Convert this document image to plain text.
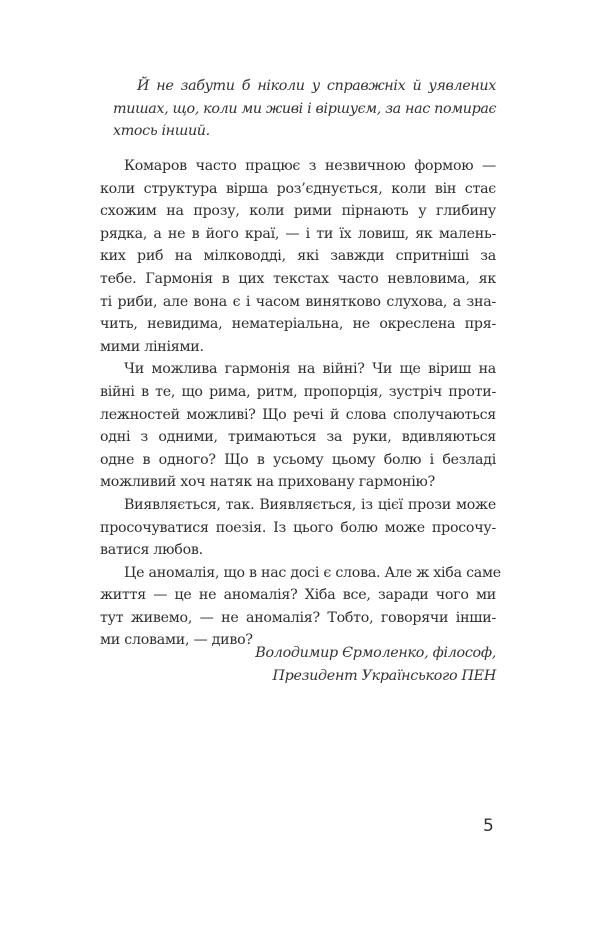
Й не забути б ніколи у справжніх й уявлених
тишах, що, коли ми живі і віршуєм, за нас помирає
хтось інший.

Комаров часто працює з незвичною формою —
коли структура вірша роз’єднується, коли він стає
схожим на прозу, коли рими пірнають у глибину
рядка, а не в його краї, — і ти їх ловиш, як малень-
ких риб на мілководді, які завжди спритніші за
тебе. Гармонія в цих текстах часто невловима, як
ті риби, але вона є і часом винятково слухова, а зна-
чить, невидима, нематеріальна, не окреслена пря-
мими лініями.

Чи можлива гармонія на війні? Чи ще віриш на
війні в те, що рима, ритм, пропорція, зустріч проти-
лежностей можливі? Що речі й слова сполучаються
одні з одними, тримаються за руки, вдивляються
одне в одного? Що в усьому цьому болю і безладі
можливий хоч натяк на приховану гармонію?

Виявляється, так. Виявляється, із цієї прози може
просочуватися поезія. Із цього болю може просочу-
ватися любов.

Це аномалія, що в нас досі є слова. Але ж хіба саме
життя — це не аномалія? Хіба все, заради чого ми
тут живемо, — не аномалія? Тобто, говорячи інши-
ми словами, — диво?

Володимир Єрмоленко, філософ,
Президент Українського ПЕН
5
